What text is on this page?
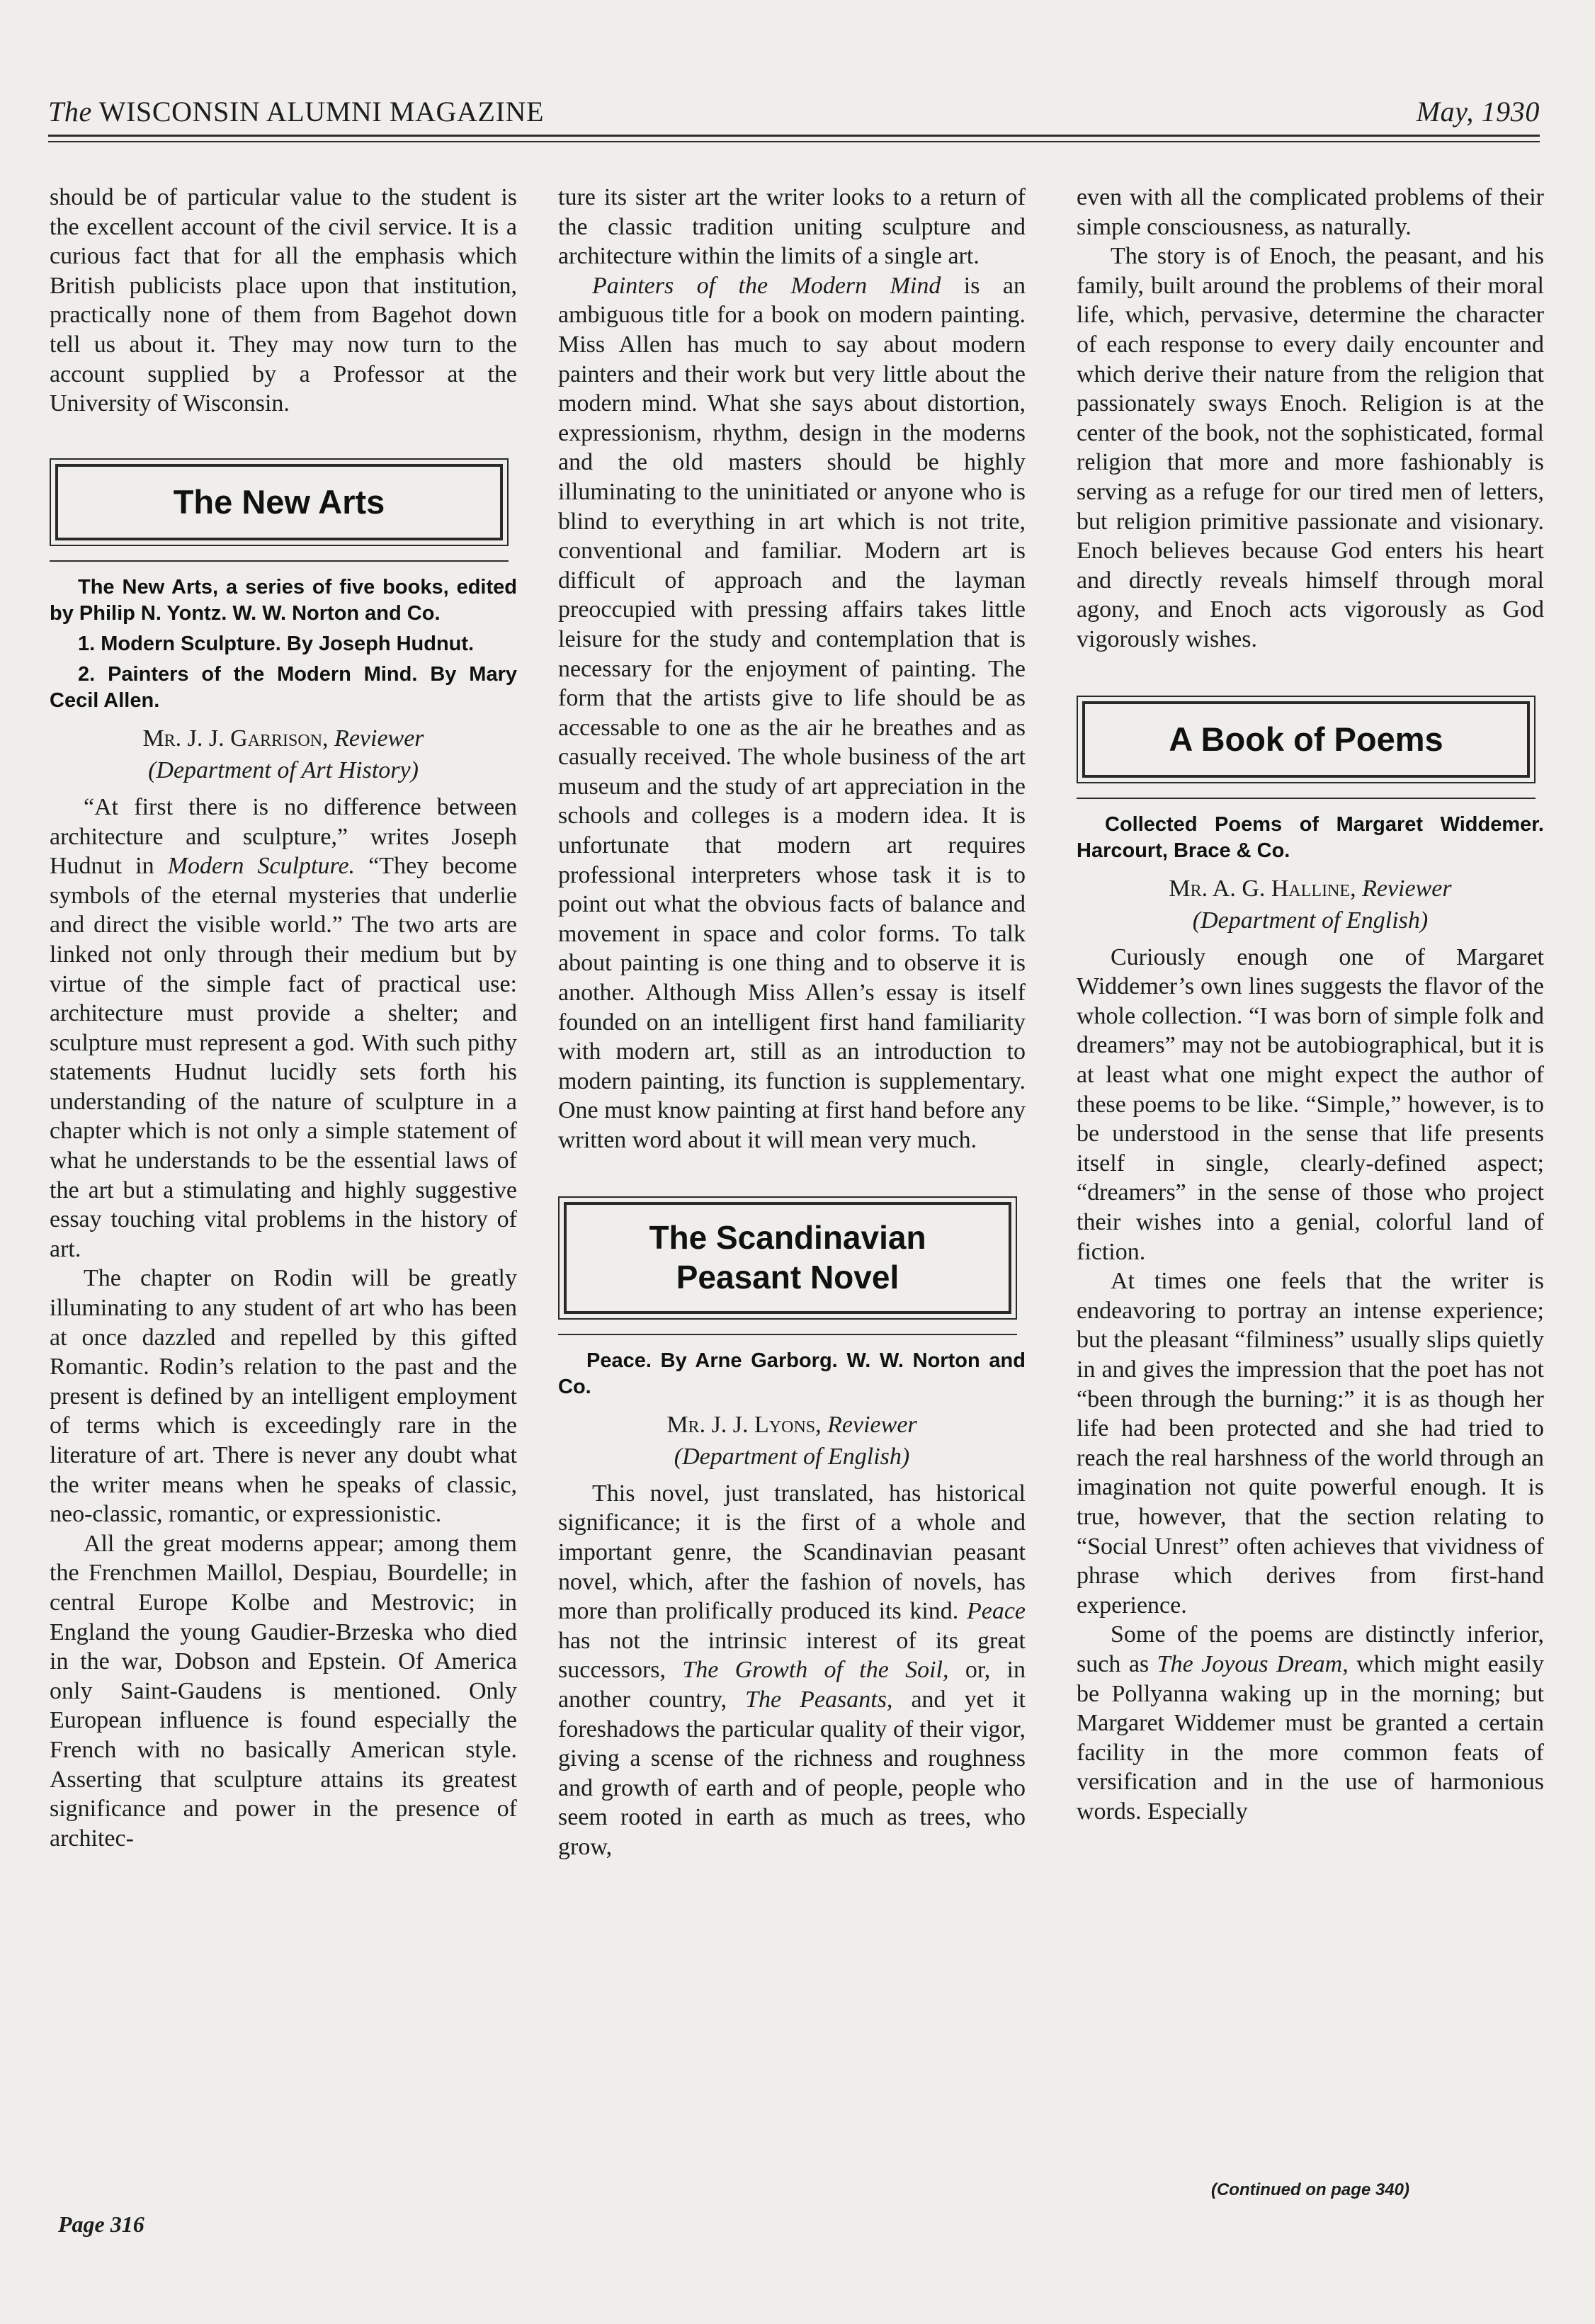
The WISCONSIN ALUMNI MAGAZINE	May, 1930

should be of particular value to the student is the excellent account of the civil service. It is a curious fact that for all the emphasis which British publicists place upon that institution, practically none of them from Bagehot down tell us about it. They may now turn to the account supplied by a Professor at the University of Wisconsin.

The New Arts

The New Arts, a series of five books, edited by Philip N. Yontz. W. W. Norton and Co.

1. Modern Sculpture. By Joseph Hudnut.

2. Painters of the Modern Mind. By Mary Cecil Allen.

Mr. J. J. Garrison, Reviewer
(Department of Art History)

“At first there is no difference between architecture and sculpture,” writes Joseph Hudnut in Modern Sculpture. “They become symbols of the eternal mysteries that underlie and direct the visible world.” The two arts are linked not only through their medium but by virtue of the simple fact of practical use: architecture must provide a shelter; and sculpture must represent a god. With such pithy statements Hudnut lucidly sets forth his understanding of the nature of sculpture in a chapter which is not only a simple statement of what he understands to be the essential laws of the art but a stimulating and highly suggestive essay touching vital problems in the history of art.

The chapter on Rodin will be greatly illuminating to any student of art who has been at once dazzled and repelled by this gifted Romantic. Rodin’s relation to the past and the present is defined by an intelligent employment of terms which is exceedingly rare in the literature of art. There is never any doubt what the writer means when he speaks of classic, neo-classic, romantic, or expressionistic.

All the great moderns appear; among them the Frenchmen Maillol, Despiau, Bourdelle; in central Europe Kolbe and Mestrovic; in England the young Gaudier-Brzeska who died in the war, Dobson and Epstein. Of America only Saint-Gaudens is mentioned. Only European influence is found especially the French with no basically American style. Asserting that sculpture attains its greatest significance and power in the presence of architec-

ture its sister art the writer looks to a return of the classic tradition uniting sculpture and architecture within the limits of a single art.

Painters of the Modern Mind is an ambiguous title for a book on modern painting. Miss Allen has much to say about modern painters and their work but very little about the modern mind. What she says about distortion, expressionism, rhythm, design in the moderns and the old masters should be highly illuminating to the uninitiated or anyone who is blind to everything in art which is not trite, conventional and familiar. Modern art is difficult of approach and the layman preoccupied with pressing affairs takes little leisure for the study and contemplation that is necessary for the enjoyment of painting. The form that the artists give to life should be as accessable to one as the air he breathes and as casually received. The whole business of the art museum and the study of art appreciation in the schools and colleges is a modern idea. It is unfortunate that modern art requires professional interpreters whose task it is to point out what the obvious facts of balance and movement in space and color forms. To talk about painting is one thing and to observe it is another. Although Miss Allen’s essay is itself founded on an intelligent first hand familiarity with modern art, still as an introduction to modern painting, its function is supplementary. One must know painting at first hand before any written word about it will mean very much.

The Scandinavian
Peasant Novel

Peace. By Arne Garborg. W. W. Norton and Co.

Mr. J. J. Lyons, Reviewer
(Department of English)

This novel, just translated, has historical significance; it is the first of a whole and important genre, the Scandinavian peasant novel, which, after the fashion of novels, has more than prolifically produced its kind. Peace has not the intrinsic interest of its great successors, The Growth of the Soil, or, in another country, The Peasants, and yet it foreshadows the particular quality of their vigor, giving a scense of the richness and roughness and growth of earth and of people, people who seem rooted in earth as much as trees, who grow,

even with all the complicated problems of their simple consciousness, as naturally.

The story is of Enoch, the peasant, and his family, built around the problems of their moral life, which, pervasive, determine the character of each response to every daily encounter and which derive their nature from the religion that passionately sways Enoch. Religion is at the center of the book, not the sophisticated, formal religion that more and more fashionably is serving as a refuge for our tired men of letters, but religion primitive passionate and visionary. Enoch believes because God enters his heart and directly reveals himself through moral agony, and Enoch acts vigorously as God vigorously wishes.

A Book of Poems

Collected Poems of Margaret Widdemer. Harcourt, Brace & Co.

Mr. A. G. Halline, Reviewer
(Department of English)

Curiously enough one of Margaret Widdemer’s own lines suggests the flavor of the whole collection. “I was born of simple folk and dreamers” may not be autobiographical, but it is at least what one might expect the author of these poems to be like. “Simple,” however, is to be understood in the sense that life presents itself in single, clearly-defined aspect; “dreamers” in the sense of those who project their wishes into a genial, colorful land of fiction.

At times one feels that the writer is endeavoring to portray an intense experience; but the pleasant “filminess” usually slips quietly in and gives the impression that the poet has not “been through the burning:” it is as though her life had been protected and she had tried to reach the real harshness of the world through an imagination not quite powerful enough. It is true, however, that the section relating to “Social Unrest” often achieves that vividness of phrase which derives from first-hand experience.

Some of the poems are distinctly inferior, such as The Joyous Dream, which might easily be Pollyanna waking up in the morning; but Margaret Widdemer must be granted a certain facility in the more common feats of versification and in the use of harmonious words. Especially

(Continued on page 340)
Page 316
